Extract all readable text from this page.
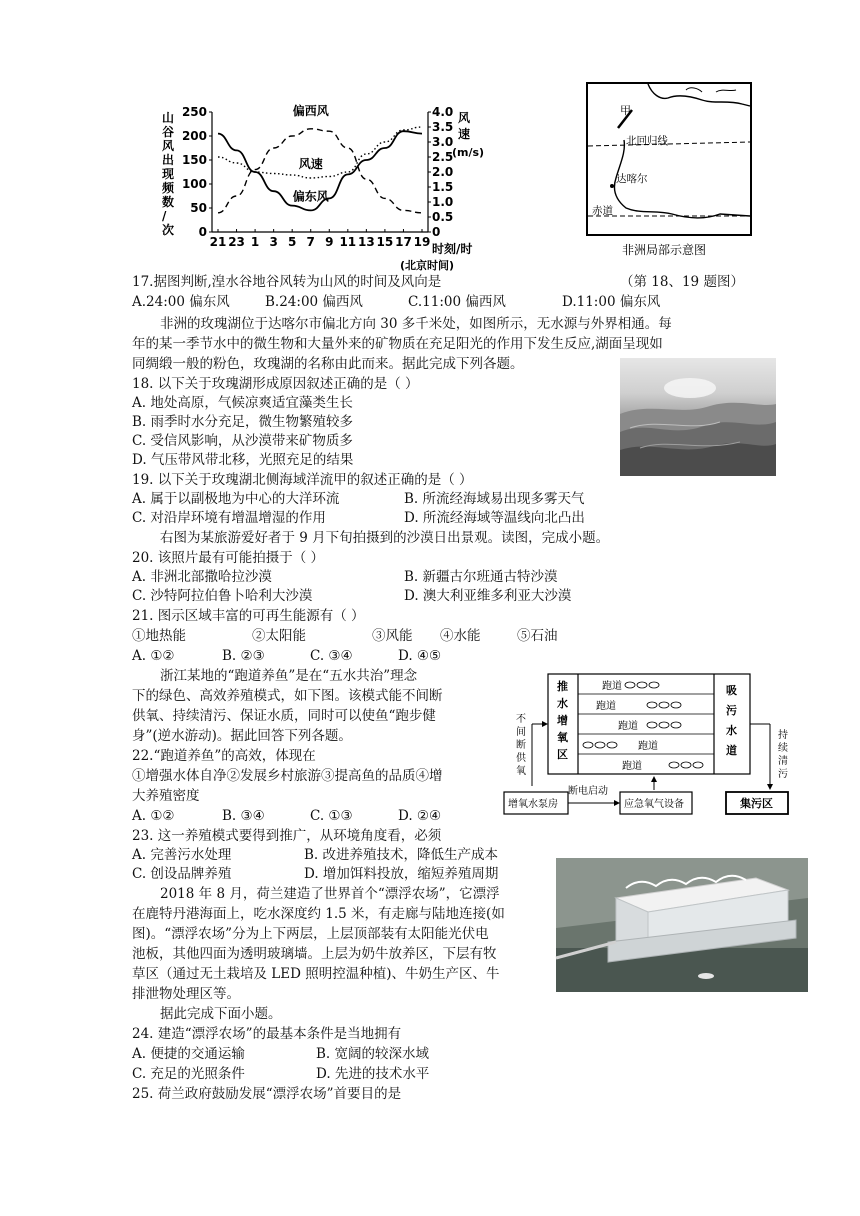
山
谷
风
出
现
频
数
/
次
250
200
150
100
50
0
风
速
(m/s)
4.0
3.5
3.0
2.5
2.0
1.5
1.0
0.5
0
21 23 1 3 5 7 9 11 13 15 17 19
偏西风
风速
偏东风
时刻/时
(北京时间)
甲
北回归线
达喀尔
赤道
非洲局部示意图
17.据图判断,湟水谷地谷风转为山风的时间及风向是	（第 18、19 题图）
A.24:00 偏东风	B.24:00 偏西风	C.11:00 偏西风	D.11:00 偏东风
非洲的玫瑰湖位于达喀尔市偏北方向 30 多千米处，如图所示，无水源与外界相通。每
年的某一季节水中的微生物和大量外来的矿物质在充足阳光的作用下发生反应,湖面呈现如
同绸缎一般的粉色，玫瑰湖的名称由此而来。据此完成下列各题。
18. 以下关于玫瑰湖形成原因叙述正确的是（ ）
A. 地处高原，气候凉爽适宜藻类生长
B. 雨季时水分充足，微生物繁殖较多
C. 受信风影响，从沙漠带来矿物质多
D. 气压带风带北移，光照充足的结果
19. 以下关于玫瑰湖北侧海域洋流甲的叙述正确的是（ ）
A. 属于以副极地为中心的大洋环流	B. 所流经海域易出现多雾天气
C. 对沿岸环境有增温增湿的作用	D. 所流经海域等温线向北凸出
右图为某旅游爱好者于 9 月下旬拍摄到的沙漠日出景观。读图，完成小题。
20. 该照片最有可能拍摄于（ ）
A. 非洲北部撒哈拉沙漠	B. 新疆古尔班通古特沙漠
C. 沙特阿拉伯鲁卜哈利大沙漠	D. 澳大利亚维多利亚大沙漠
21. 图示区域丰富的可再生能源有（ ）
①地热能	②太阳能	③风能 ④水能	⑤石油
A. ①②	B. ②③	C. ③④	D. ④⑤
浙江某地的“跑道养鱼”是在“五水共治”理念
下的绿色、高效养殖模式，如下图。该模式能不间断
供氧、持续清污、保证水质，同时可以使鱼“跑步健
身”(逆水游动)。据此回答下列各题。
22.“跑道养鱼”的高效，体现在
①增强水体自净②发展乡村旅游③提高鱼的品质④增
大养殖密度
A. ①②	B. ③④	C. ①③	D. ②④
推
水
增
氧
区
吸
污
水
道
跑道
跑道
跑道
跑道
跑道
不
间
断
供
氧
持
续
清
污
增氧水泵房
断电启动
应急氧气设备	集污区
23. 这一养殖模式要得到推广，从环境角度看，必须
A. 完善污水处理	B. 改进养殖技术，降低生产成本
C. 创设品牌养殖	D. 增加饵料投放，缩短养殖周期
2018 年 8 月，荷兰建造了世界首个“漂浮农场”，它漂浮
在鹿特丹港海面上，吃水深度约 1.5 米，有走廊与陆地连接(如
图)。“漂浮农场”分为上下两层，上层顶部装有太阳能光伏电
池板，其他四面为透明玻璃墙。上层为奶牛放养区，下层有牧
草区（通过无土栽培及 LED 照明控温种植)、牛奶生产区、牛
排泄物处理区等。
据此完成下面小题。
24. 建造“漂浮农场”的最基本条件是当地拥有
A. 便捷的交通运输	B. 宽阔的较深水域
C. 充足的光照条件	D. 先进的技术水平
25. 荷兰政府鼓励发展“漂浮农场”首要目的是
